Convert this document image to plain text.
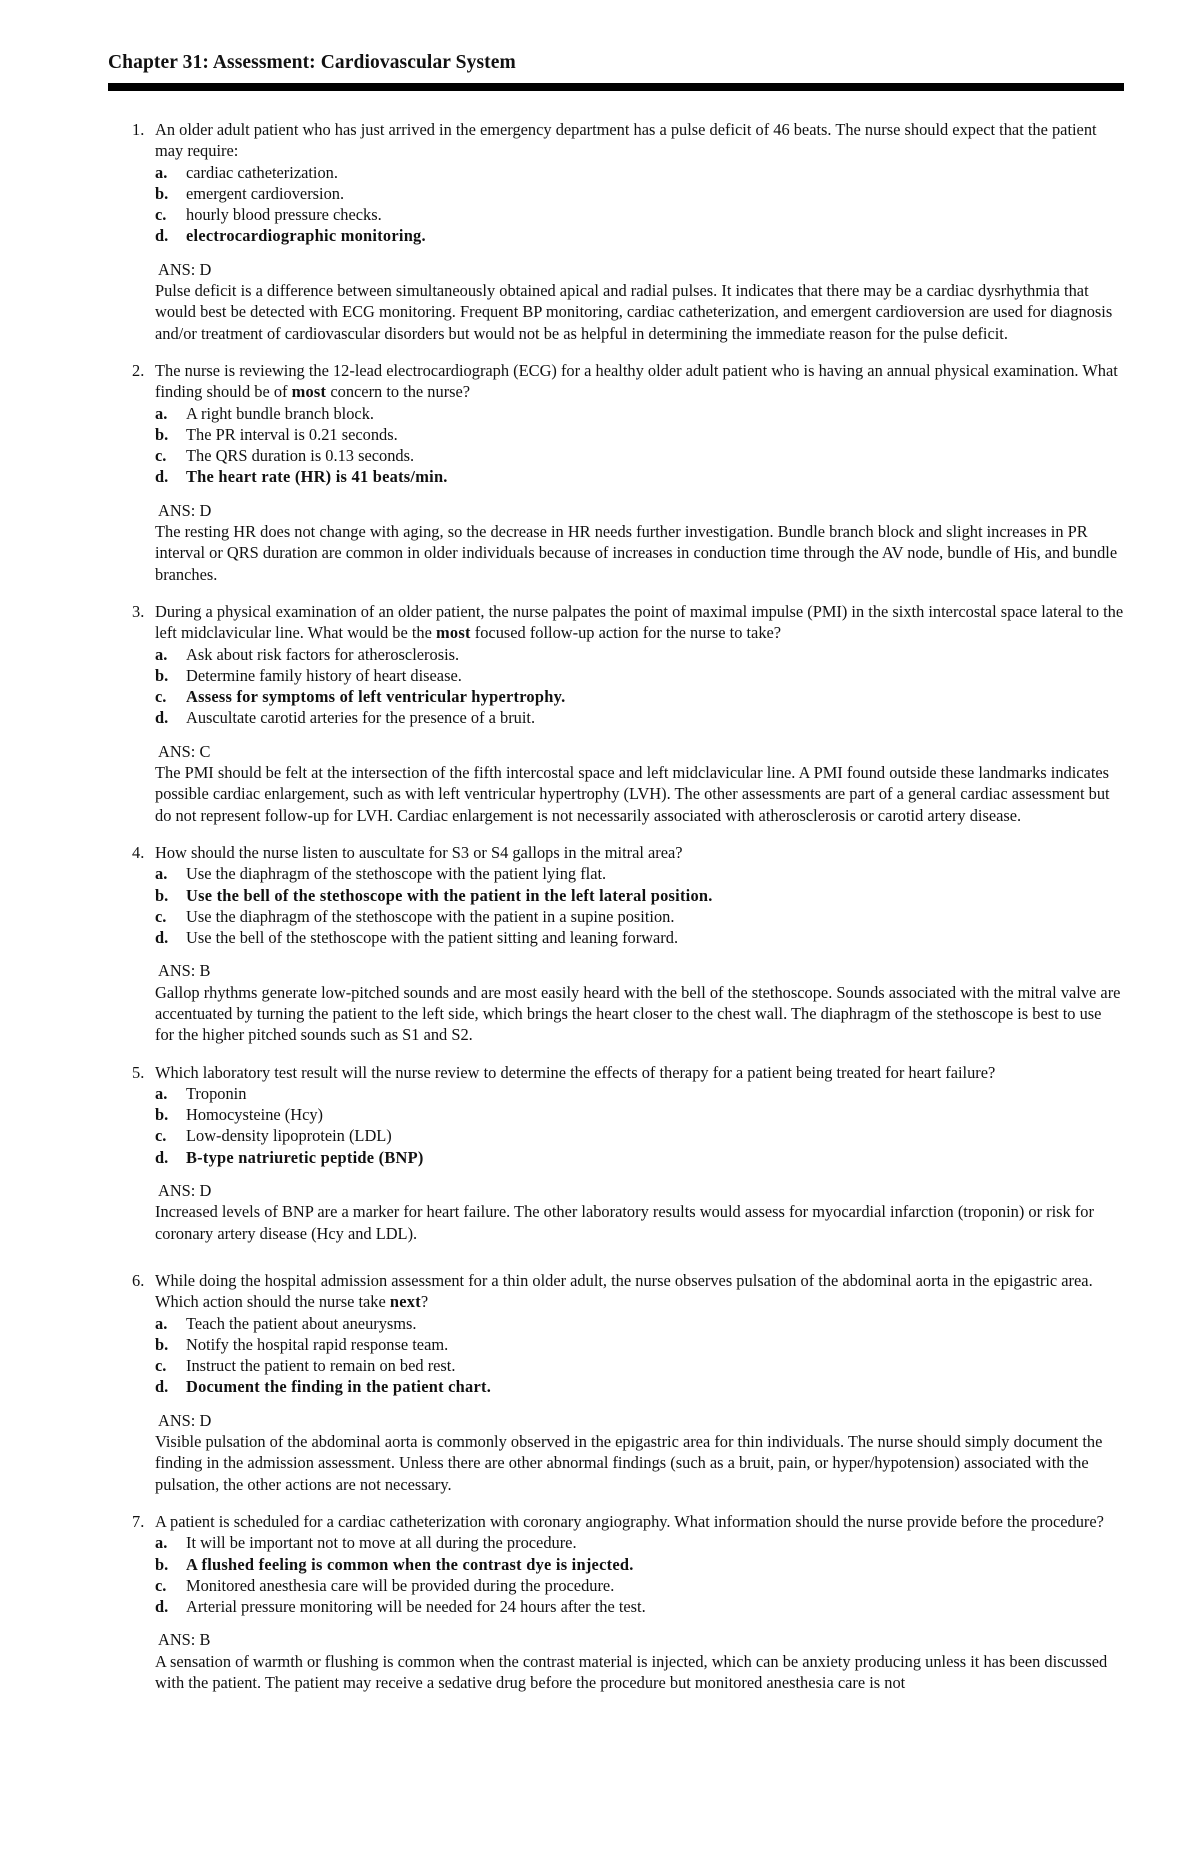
Chapter 31: Assessment: Cardiovascular System
1. An older adult patient who has just arrived in the emergency department has a pulse deficit of 46 beats. The nurse should expect that the patient may require:
a. cardiac catheterization.
b. emergent cardioversion.
c. hourly blood pressure checks.
d. electrocardiographic monitoring.
ANS: D
Pulse deficit is a difference between simultaneously obtained apical and radial pulses. It indicates that there may be a cardiac dysrhythmia that would best be detected with ECG monitoring. Frequent BP monitoring, cardiac catheterization, and emergent cardioversion are used for diagnosis and/or treatment of cardiovascular disorders but would not be as helpful in determining the immediate reason for the pulse deficit.
2. The nurse is reviewing the 12-lead electrocardiograph (ECG) for a healthy older adult patient who is having an annual physical examination. What finding should be of most concern to the nurse?
a. A right bundle branch block.
b. The PR interval is 0.21 seconds.
c. The QRS duration is 0.13 seconds.
d. The heart rate (HR) is 41 beats/min.
ANS: D
The resting HR does not change with aging, so the decrease in HR needs further investigation. Bundle branch block and slight increases in PR interval or QRS duration are common in older individuals because of increases in conduction time through the AV node, bundle of His, and bundle branches.
3. During a physical examination of an older patient, the nurse palpates the point of maximal impulse (PMI) in the sixth intercostal space lateral to the left midclavicular line. What would be the most focused follow-up action for the nurse to take?
a. Ask about risk factors for atherosclerosis.
b. Determine family history of heart disease.
c. Assess for symptoms of left ventricular hypertrophy.
d. Auscultate carotid arteries for the presence of a bruit.
ANS: C
The PMI should be felt at the intersection of the fifth intercostal space and left midclavicular line. A PMI found outside these landmarks indicates possible cardiac enlargement, such as with left ventricular hypertrophy (LVH). The other assessments are part of a general cardiac assessment but do not represent follow-up for LVH. Cardiac enlargement is not necessarily associated with atherosclerosis or carotid artery disease.
4. How should the nurse listen to auscultate for S3 or S4 gallops in the mitral area?
a. Use the diaphragm of the stethoscope with the patient lying flat.
b. Use the bell of the stethoscope with the patient in the left lateral position.
c. Use the diaphragm of the stethoscope with the patient in a supine position.
d. Use the bell of the stethoscope with the patient sitting and leaning forward.
ANS: B
Gallop rhythms generate low-pitched sounds and are most easily heard with the bell of the stethoscope. Sounds associated with the mitral valve are accentuated by turning the patient to the left side, which brings the heart closer to the chest wall. The diaphragm of the stethoscope is best to use for the higher pitched sounds such as S1 and S2.
5. Which laboratory test result will the nurse review to determine the effects of therapy for a patient being treated for heart failure?
a. Troponin
b. Homocysteine (Hcy)
c. Low-density lipoprotein (LDL)
d. B-type natriuretic peptide (BNP)
ANS: D
Increased levels of BNP are a marker for heart failure. The other laboratory results would assess for myocardial infarction (troponin) or risk for coronary artery disease (Hcy and LDL).
6. While doing the hospital admission assessment for a thin older adult, the nurse observes pulsation of the abdominal aorta in the epigastric area. Which action should the nurse take next?
a. Teach the patient about aneurysms.
b. Notify the hospital rapid response team.
c. Instruct the patient to remain on bed rest.
d. Document the finding in the patient chart.
ANS: D
Visible pulsation of the abdominal aorta is commonly observed in the epigastric area for thin individuals. The nurse should simply document the finding in the admission assessment. Unless there are other abnormal findings (such as a bruit, pain, or hyper/hypotension) associated with the pulsation, the other actions are not necessary.
7. A patient is scheduled for a cardiac catheterization with coronary angiography. What information should the nurse provide before the procedure?
a. It will be important not to move at all during the procedure.
b. A flushed feeling is common when the contrast dye is injected.
c. Monitored anesthesia care will be provided during the procedure.
d. Arterial pressure monitoring will be needed for 24 hours after the test.
ANS: B
A sensation of warmth or flushing is common when the contrast material is injected, which can be anxiety producing unless it has been discussed with the patient. The patient may receive a sedative drug before the procedure but monitored anesthesia care is not
